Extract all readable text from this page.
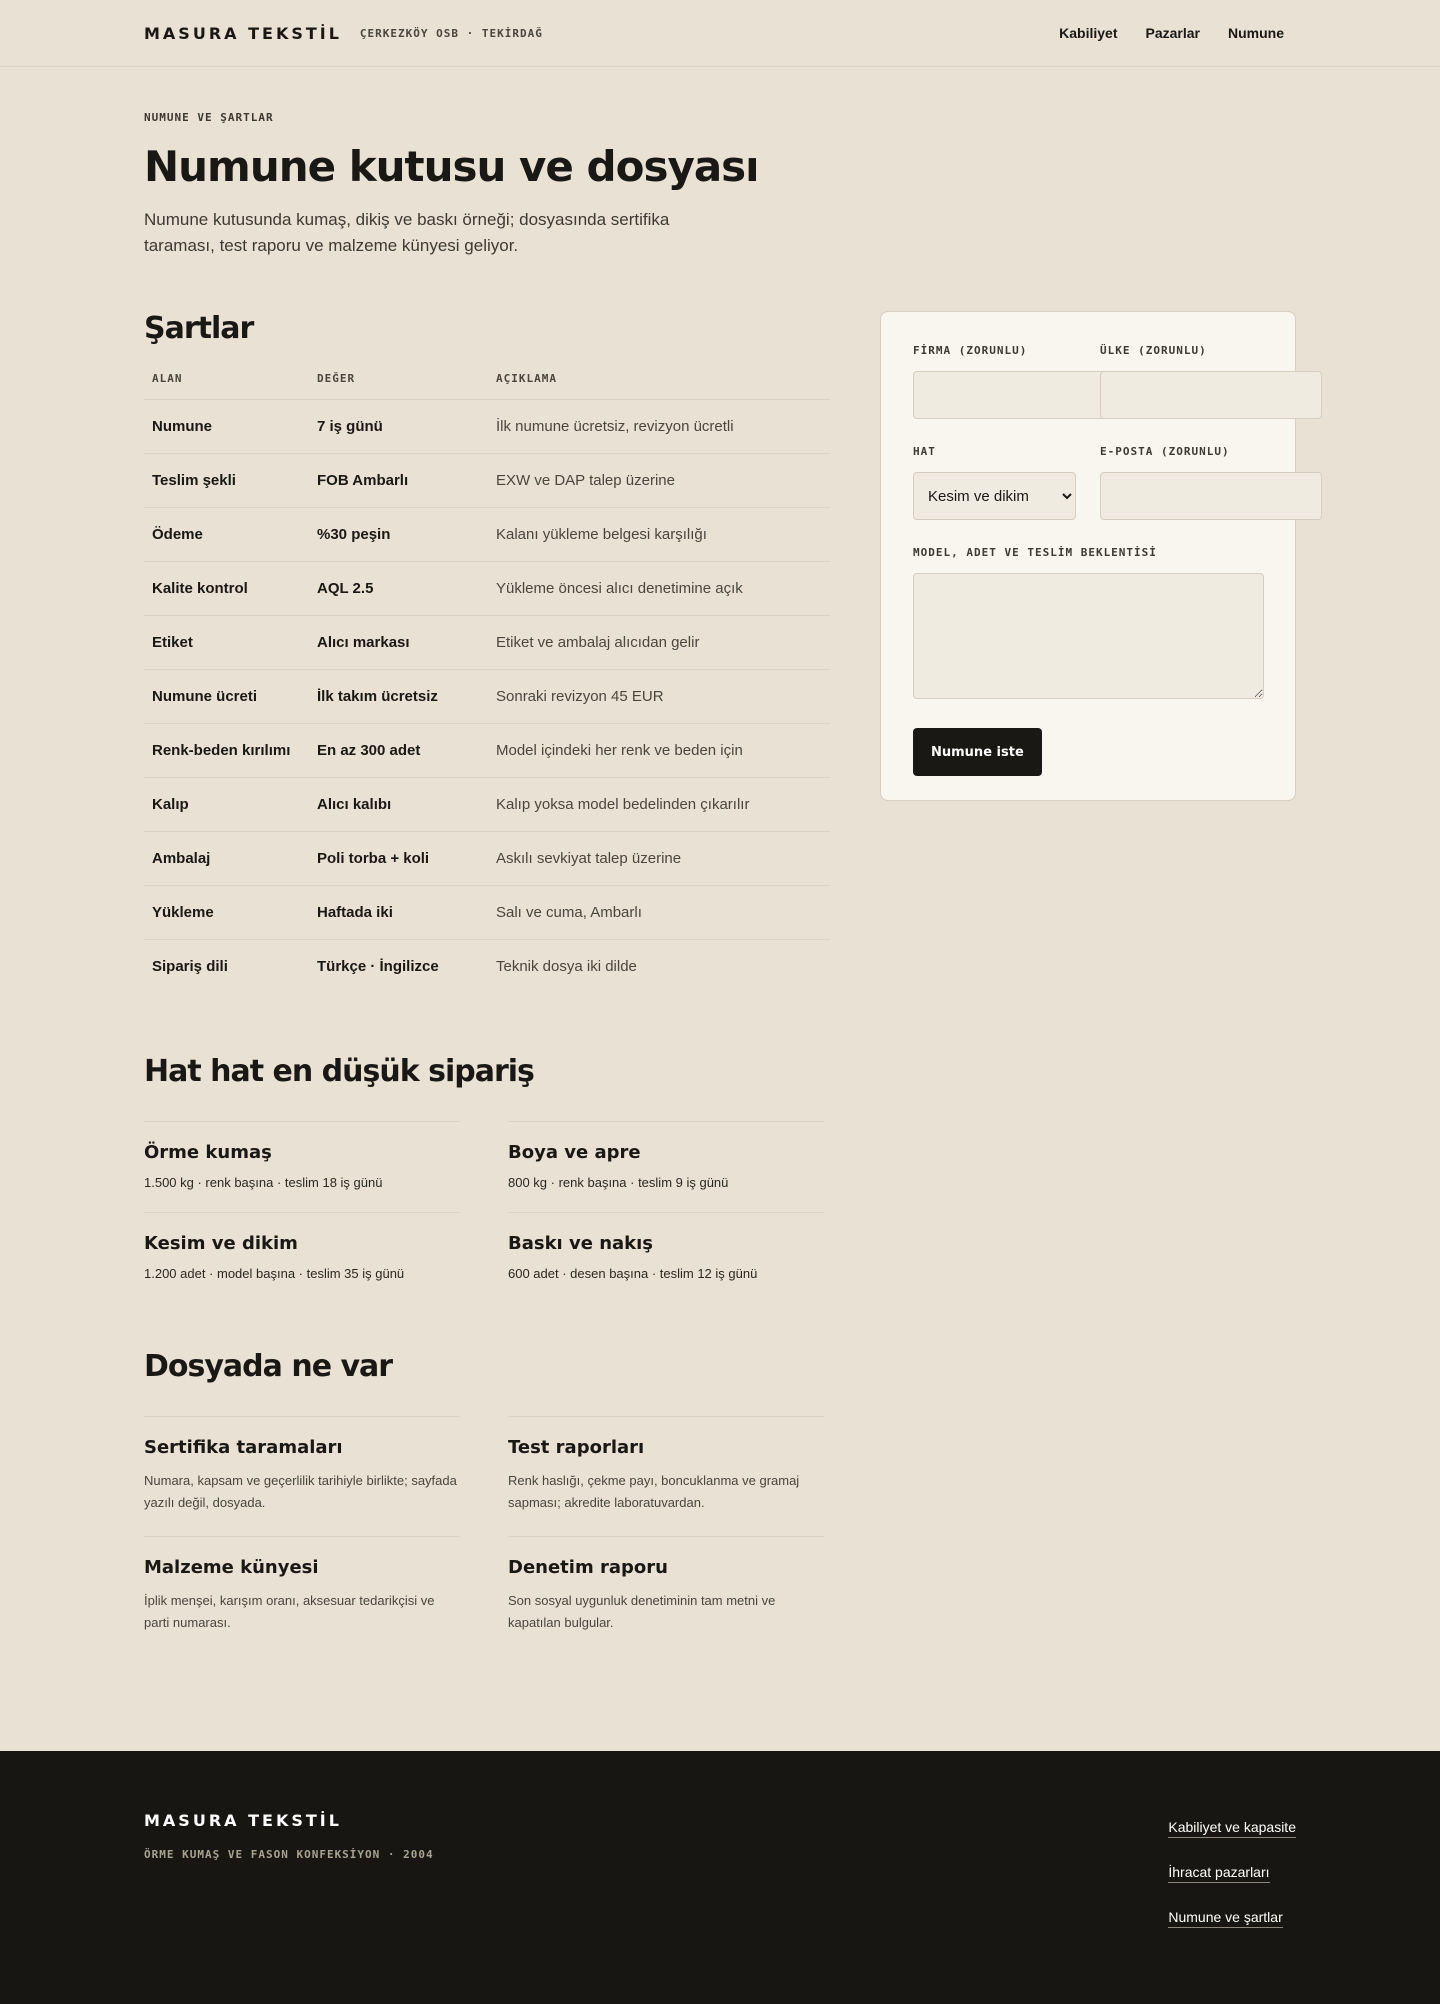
MASURA TEKSTİL ÇERKEZKÖY OSB · TEKİRDAĞ	Kabiliyet Pazarlar Numune
NUMUNE VE ŞARTLAR
Numune kutusu ve dosyası

Numune kutusunda kumaş, dikiş ve baskı örneği; dosyasında sertifika taraması, test raporu ve malzeme künyesi geliyor.

Şartlar
ALAN	DEĞER	AÇIKLAMA
Numune	7 iş günü	İlk numune ücretsiz, revizyon ücretli
Teslim şekli	FOB Ambarlı	EXW ve DAP talep üzerine
Ödeme	%30 peşin	Kalanı yükleme belgesi karşılığı
Kalite kontrol	AQL 2.5	Yükleme öncesi alıcı denetimine açık
Etiket	Alıcı markası	Etiket ve ambalaj alıcıdan gelir
Numune ücreti	İlk takım ücretsiz	Sonraki revizyon 45 EUR
Renk-beden kırılımı	En az 300 adet	Model içindeki her renk ve beden için
Kalıp	Alıcı kalıbı	Kalıp yoksa model bedelinden çıkarılır
Ambalaj	Poli torba + koli	Askılı sevkiyat talep üzerine
Yükleme	Haftada iki	Salı ve cuma, Ambarlı
Sipariş dili	Türkçe · İngilizce	Teknik dosya iki dilde
Hat hat en düşük sipariş
Örme kumaş
1.500 kg · renk başına · teslim 18 iş günü
Boya ve apre
800 kg · renk başına · teslim 9 iş günü
Kesim ve dikim
1.200 adet · model başına · teslim 35 iş günü
Baskı ve nakış
600 adet · desen başına · teslim 12 iş günü
Dosyada ne var
Sertifika taramaları
Numara, kapsam ve geçerlilik tarihiyle birlikte; sayfada yazılı değil, dosyada.
Test raporları
Renk haslığı, çekme payı, boncuklanma ve gramaj sapması; akredite laboratuvardan.
Malzeme künyesi
İplik menşei, karışım oranı, aksesuar tedarikçisi ve parti numarası.
Denetim raporu
Son sosyal uygunluk denetiminin tam metni ve kapatılan bulgular.
FİRMA (ZORUNLU)	ÜLKE (ZORUNLU)
HAT
Kesim ve dikim	E-POSTA (ZORUNLU)
MODEL, ADET VE TESLİM BEKLENTİSİ
Numune iste
MASURA TEKSTİL
ÖRME KUMAŞ VE FASON KONFEKSİYON · 2004
Kabiliyet ve kapasite
İhracat pazarları
Numune ve şartlar
